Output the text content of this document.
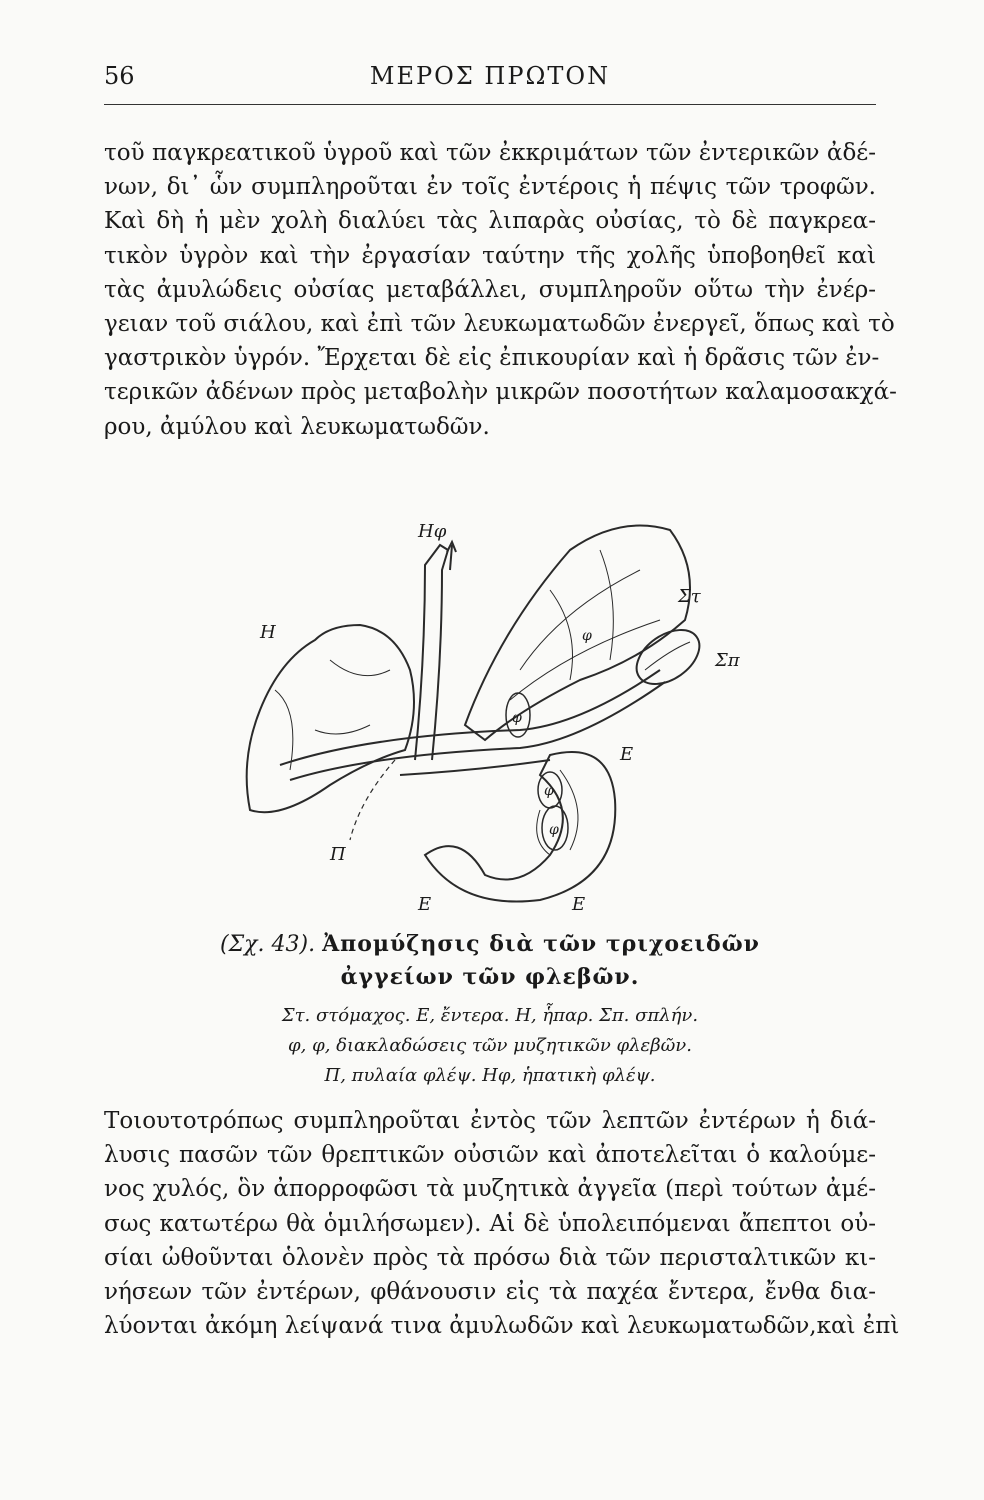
56	ΜΕΡΟΣ ΠΡΩΤΟΝ
τοῦ παγκρεατικοῦ ὑγροῦ καὶ τῶν ἐκκριμάτων τῶν ἐντερικῶν ἀδέ-
νων, δι᾽ ὧν συμπληροῦται ἐν τοῖς ἐντέροις ἡ πέψις τῶν τροφῶν.
Καὶ δὴ ἡ μὲν χολὴ διαλύει τὰς λιπαρὰς οὐσίας, τὸ δὲ παγκρεα-
τικὸν ὑγρὸν καὶ τὴν ἐργασίαν ταύτην τῆς χολῆς ὑποβοηθεῖ καὶ
τὰς ἀμυλώδεις οὐσίας μεταβάλλει, συμπληροῦν οὕτω τὴν ἐνέρ-
γειαν τοῦ σιάλου, καὶ ἐπὶ τῶν λευκωματωδῶν ἐνεργεῖ, ὅπως καὶ τὸ
γαστρικὸν ὑγρόν. Ἔρχεται δὲ εἰς ἐπικουρίαν καὶ ἡ δρᾶσις τῶν ἐν-
τερικῶν ἀδένων πρὸς μεταβολὴν μικρῶν ποσοτήτων καλαμοσακχά-
ρου, ἀμύλου καὶ λευκωματωδῶν.
Ηφ
Η
Στ
Σπ
Ε
Ε	Ε
Π
φ
φ
φ
φ
(Σχ. 43). Ἀπομύζησις διὰ τῶν τριχοειδῶν
ἀγγείων τῶν φλεβῶν.
Στ. στόμαχος. Ε, ἔντερα. Η, ἧπαρ. Σπ. σπλήν.
φ, φ, διακλαδώσεις τῶν μυζητικῶν φλεβῶν.
Π, πυλαία φλέψ. Ηφ, ἡπατικὴ φλέψ.
Τοιουτοτρόπως συμπληροῦται ἐντὸς τῶν λεπτῶν ἐντέρων ἡ διά-
λυσις πασῶν τῶν θρεπτικῶν οὐσιῶν καὶ ἀποτελεῖται ὁ καλούμε-
νος χυλός, ὃν ἀπορροφῶσι τὰ μυζητικὰ ἀγγεῖα (περὶ τούτων ἀμέ-
σως κατωτέρω θὰ ὁμιλήσωμεν). Αἱ δὲ ὑπολειπόμεναι ἄπεπτοι οὐ-
σίαι ὠθοῦνται ὁλονὲν πρὸς τὰ πρόσω διὰ τῶν περισταλτικῶν κι-
νήσεων τῶν ἐντέρων, φθάνουσιν εἰς τὰ παχέα ἔντερα, ἔνθα δια-
λύονται ἀκόμη λείψανά τινα ἀμυλωδῶν καὶ λευκωματωδῶν,καὶ ἐπὶ
